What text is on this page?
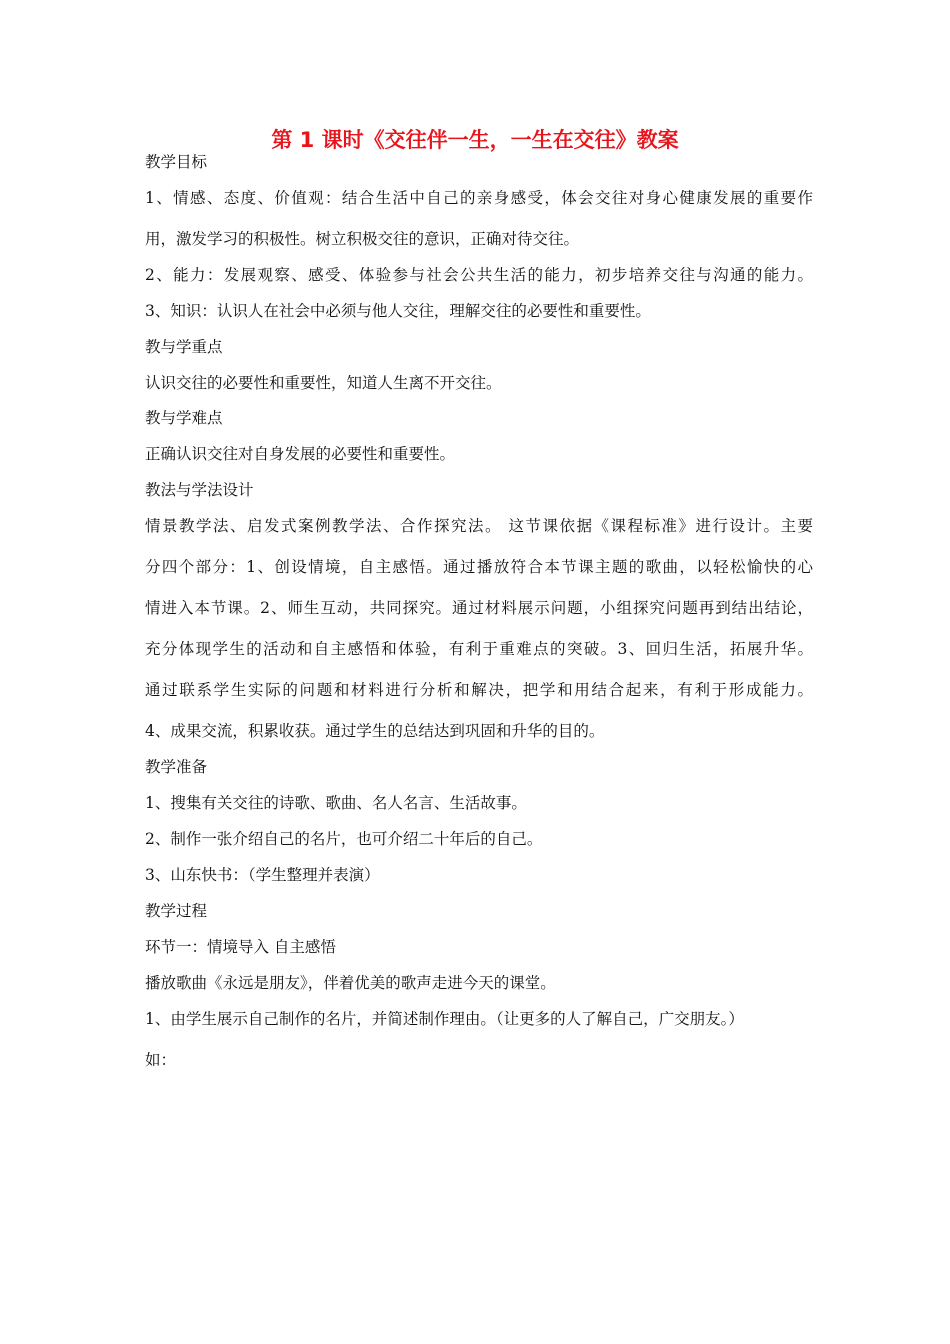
第 1 课时《交往伴一生，一生在交往》教案
教学目标
1、情感、态度、价值观：结合生活中自己的亲身感受，体会交往对身心健康发展的重要作
用，激发学习的积极性。树立积极交往的意识，正确对待交往。
2、能力：发展观察、感受、体验参与社会公共生活的能力，初步培养交往与沟通的能力。
3、知识：认识人在社会中必须与他人交往，理解交往的必要性和重要性。
教与学重点
认识交往的必要性和重要性，知道人生离不开交往。
教与学难点
正确认识交往对自身发展的必要性和重要性。
教法与学法设计
情景教学法、启发式案例教学法、合作探究法。 这节课依据《课程标准》进行设计。主要
分四个部分：1、创设情境，自主感悟。通过播放符合本节课主题的歌曲，以轻松愉快的心
情进入本节课。2、师生互动，共同探究。通过材料展示问题，小组探究问题再到结出结论，
充分体现学生的活动和自主感悟和体验，有利于重难点的突破。3、回归生活，拓展升华。
通过联系学生实际的问题和材料进行分析和解决，把学和用结合起来，有利于形成能力。
4、成果交流，积累收获。通过学生的总结达到巩固和升华的目的。
教学准备
1、搜集有关交往的诗歌、歌曲、名人名言、生活故事。
2、制作一张介绍自己的名片，也可介绍二十年后的自己。
3、山东快书：（学生整理并表演）
教学过程
环节一：情境导入 自主感悟
播放歌曲《永远是朋友》，伴着优美的歌声走进今天的课堂。
1、由学生展示自己制作的名片，并简述制作理由。（让更多的人了解自己，广交朋友。）
如：
